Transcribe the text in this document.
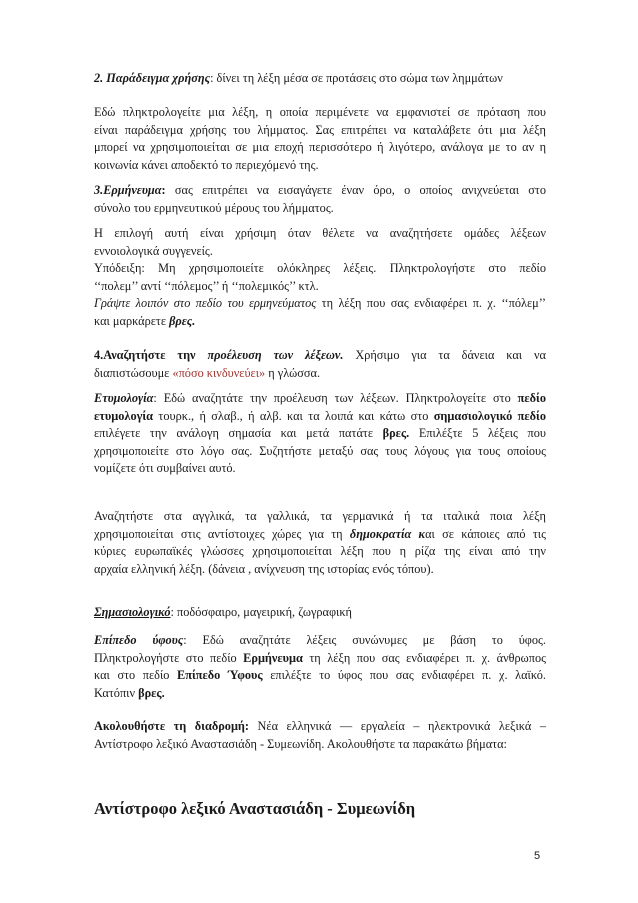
2. Παράδειγμα χρήσης: δίνει τη λέξη μέσα σε προτάσεις στο σώμα των λημμάτων

Εδώ πληκτρολογείτε μια λέξη, η οποία περιμένετε να εμφανιστεί σε πρόταση που
είναι παράδειγμα χρήσης του λήμματος. Σας επιτρέπει να καταλάβετε ότι μια λέξη
μπορεί να χρησιμοποιείται σε μια εποχή περισσότερο ή λιγότερο, ανάλογα με το αν η
κοινωνία κάνει αποδεκτό το περιεχόμενό της.

3.Ερμήνευμα: σας επιτρέπει να εισαγάγετε έναν όρο, ο οποίος ανιχνεύεται στο
σύνολο του ερμηνευτικού μέρους του λήμματος.

Η επιλογή αυτή είναι χρήσιμη όταν θέλετε να αναζητήσετε ομάδες λέξεων
εννοιολογικά συγγενείς.
Υπόδειξη: Μη χρησιμοποιείτε ολόκληρες λέξεις. Πληκτρολογήστε στο πεδίο
‘‘πολεμ’’ αντί ‘‘πόλεμος’’ ή ‘‘πολεμικός’’ κτλ.
Γράψτε λοιπόν στο πεδίο του ερμηνεύματος τη λέξη που σας ενδιαφέρει π. χ. ‘‘πόλεμ’’
και μαρκάρετε βρες.

4.Αναζητήστε την προέλευση των λέξεων. Χρήσιμο για τα δάνεια και να
διαπιστώσουμε «πόσο κινδυνεύει» η γλώσσα.

Ετυμολογία: Εδώ αναζητάτε την προέλευση των λέξεων. Πληκτρολογείτε στο πεδίο
ετυμολογία τουρκ., ή σλαβ., ή αλβ. και τα λοιπά και κάτω στο σημασιολογικό πεδίο
επιλέγετε την ανάλογη σημασία και μετά πατάτε βρες. Επιλέξτε 5 λέξεις που
χρησιμοποιείτε στο λόγο σας. Συζητήστε μεταξύ σας τους λόγους για τους οποίους
νομίζετε ότι συμβαίνει αυτό.

Αναζητήστε στα αγγλικά, τα γαλλικά, τα γερμανικά ή τα ιταλικά ποια λέξη
χρησιμοποιείται στις αντίστοιχες χώρες για τη δημοκρατία και σε κάποιες από τις
κύριες ευρωπαϊκές γλώσσες χρησιμοποιείται λέξη που η ρίζα της είναι από την
αρχαία ελληνική λέξη. (δάνεια , ανίχνευση της ιστορίας ενός τόπου).

Σημασιολογικό: ποδόσφαιρο, μαγειρική, ζωγραφική

Επίπεδο ύφους: Εδώ αναζητάτε λέξεις συνώνυμες με βάση το ύφος.
Πληκτρολογήστε στο πεδίο Ερμήνευμα τη λέξη που σας ενδιαφέρει π. χ. άνθρωπος
και στο πεδίο Επίπεδο Ύφους επιλέξτε το ύφος που σας ενδιαφέρει π. χ. λαϊκό.
Κατόπιν βρες.

Ακολουθήστε τη διαδρομή: Νέα ελληνικά — εργαλεία – ηλεκτρονικά λεξικά –
Αντίστροφο λεξικό Αναστασιάδη - Συμεωνίδη. Ακολουθήστε τα παρακάτω βήματα:

Αντίστροφο λεξικό Αναστασιάδη - Συμεωνίδη
5
